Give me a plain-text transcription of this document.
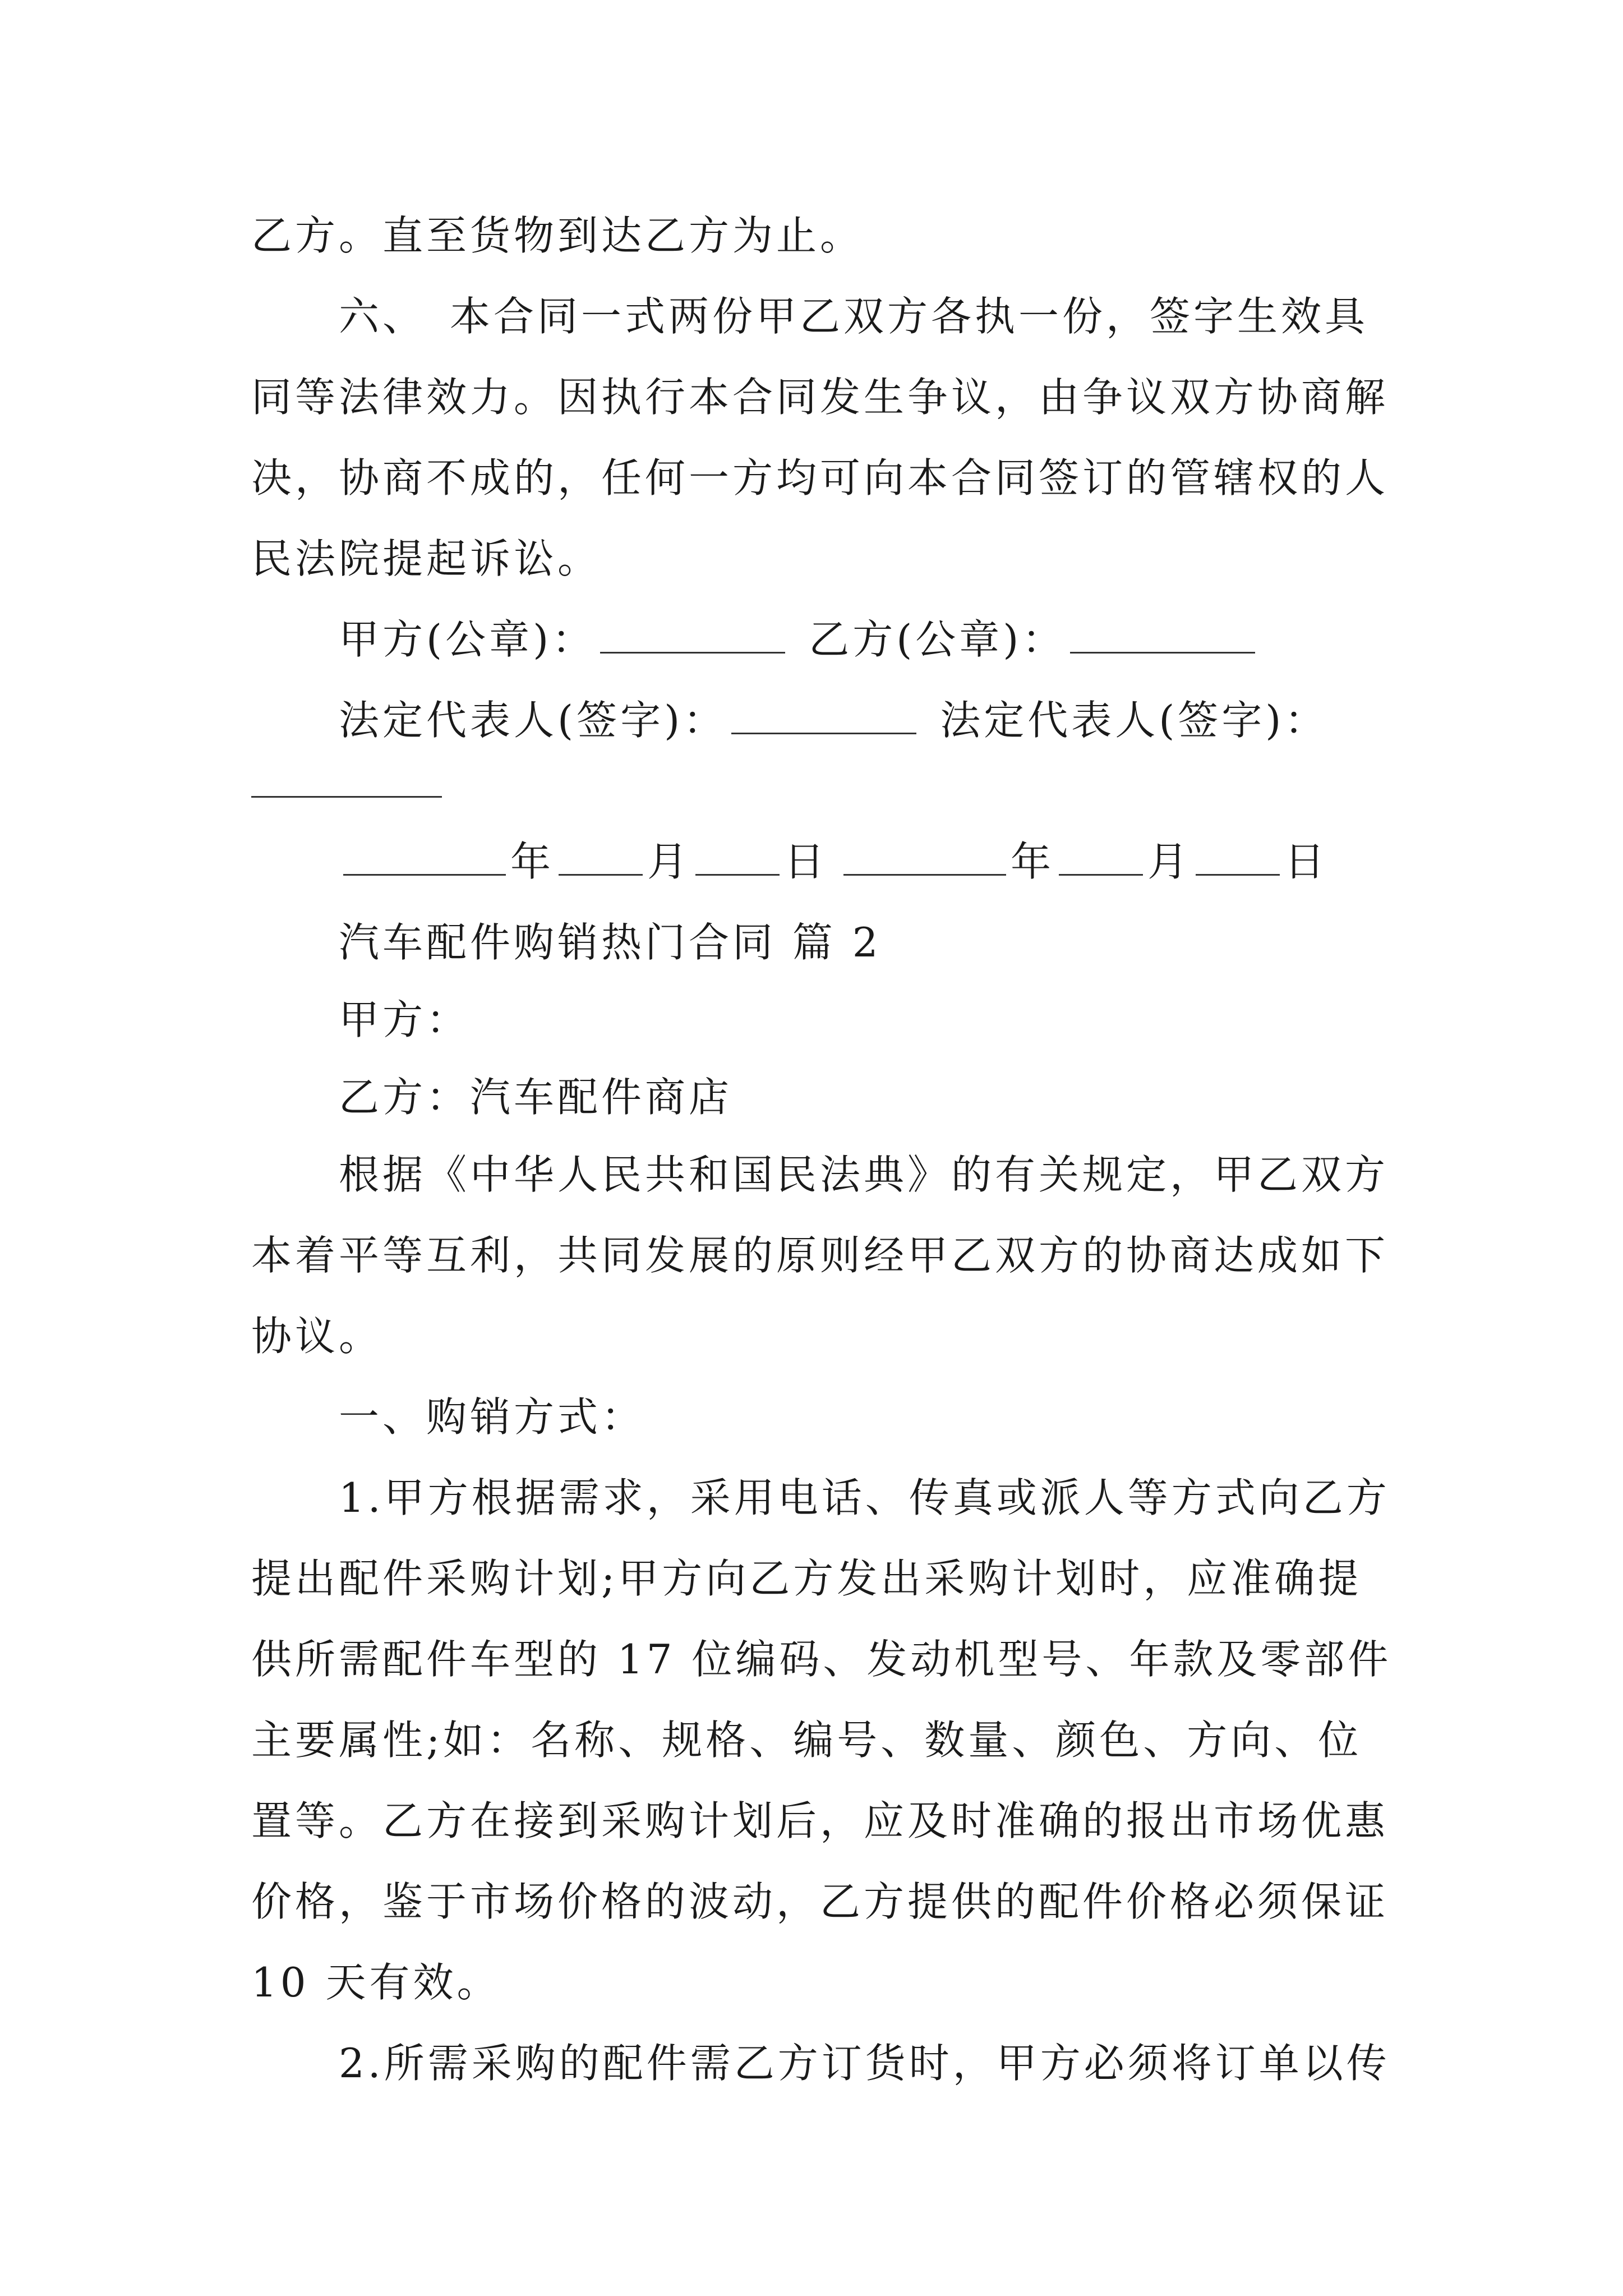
乙方。直至货物到达乙方为止。
六、　本合同一式两份甲乙双方各执一份，签字生效具
同等法律效力。因执行本合同发生争议，由争议双方协商解
决，协商不成的，任何一方均可向本合同签订的管辖权的人
民法院提起诉讼。
甲方(公章)：	乙方(公章)：
法定代表人(签字)：	法定代表人(签字)：
年 月 日	年 月 日
汽车配件购销热门合同 篇 2
甲方：
乙方：汽车配件商店
根据《中华人民共和国民法典》的有关规定，甲乙双方
本着平等互利，共同发展的原则经甲乙双方的协商达成如下
协议。
一、购销方式：
1.甲方根据需求，采用电话、传真或派人等方式向乙方
提出配件采购计划;甲方向乙方发出采购计划时，应准确提
供所需配件车型的 17 位编码、发动机型号、年款及零部件
主要属性;如：名称、规格、编号、数量、颜色、方向、位
置等。乙方在接到采购计划后，应及时准确的报出市场优惠
价格，鉴于市场价格的波动，乙方提供的配件价格必须保证
10 天有效。
2.所需采购的配件需乙方订货时，甲方必须将订单以传
